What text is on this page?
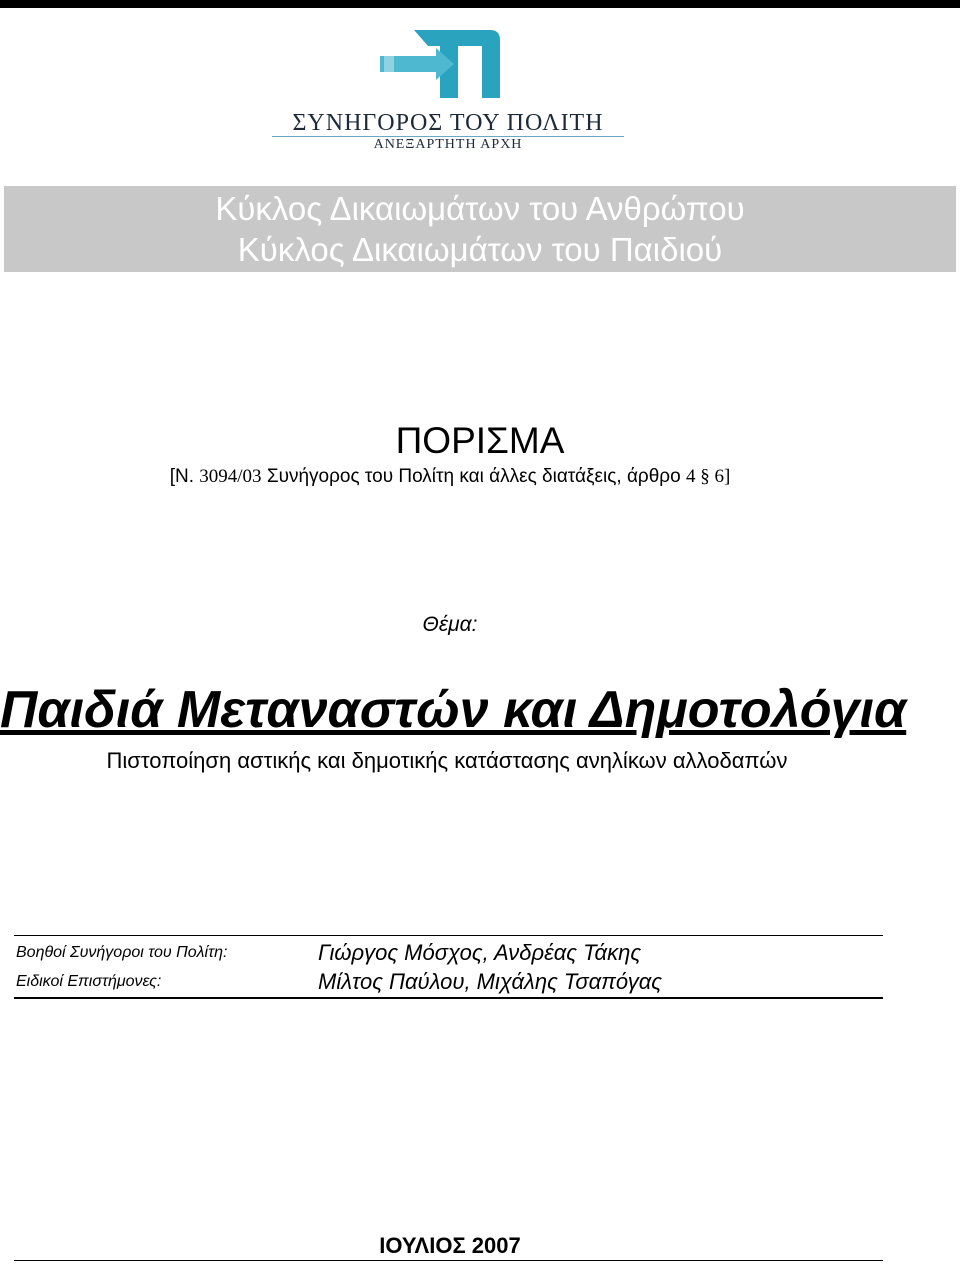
ΣΥΝΗΓΟΡΟΣ ΤΟΥ ΠΟΛΙΤΗ
ΑΝΕΞΑΡΤΗΤΗ ΑΡΧΗ
Κύκλος Δικαιωμάτων του Ανθρώπου
Κύκλος Δικαιωμάτων του Παιδιού
ΠΟΡΙΣΜΑ
[Ν. 3094/03 Συνήγορος του Πολίτη και άλλες διατάξεις, άρθρο 4 § 6]
Θέμα:
Παιδιά Μεταναστών και Δημοτολόγια
Πιστοποίηση αστικής και δημοτικής κατάστασης ανηλίκων αλλοδαπών
Βοηθοί Συνήγοροι του Πολίτη:	Γιώργος Μόσχος, Ανδρέας Τάκης
Ειδικοί Επιστήμονες:	Μίλτος Παύλου, Μιχάλης Τσαπόγας
ΙΟΥΛΙΟΣ 2007
